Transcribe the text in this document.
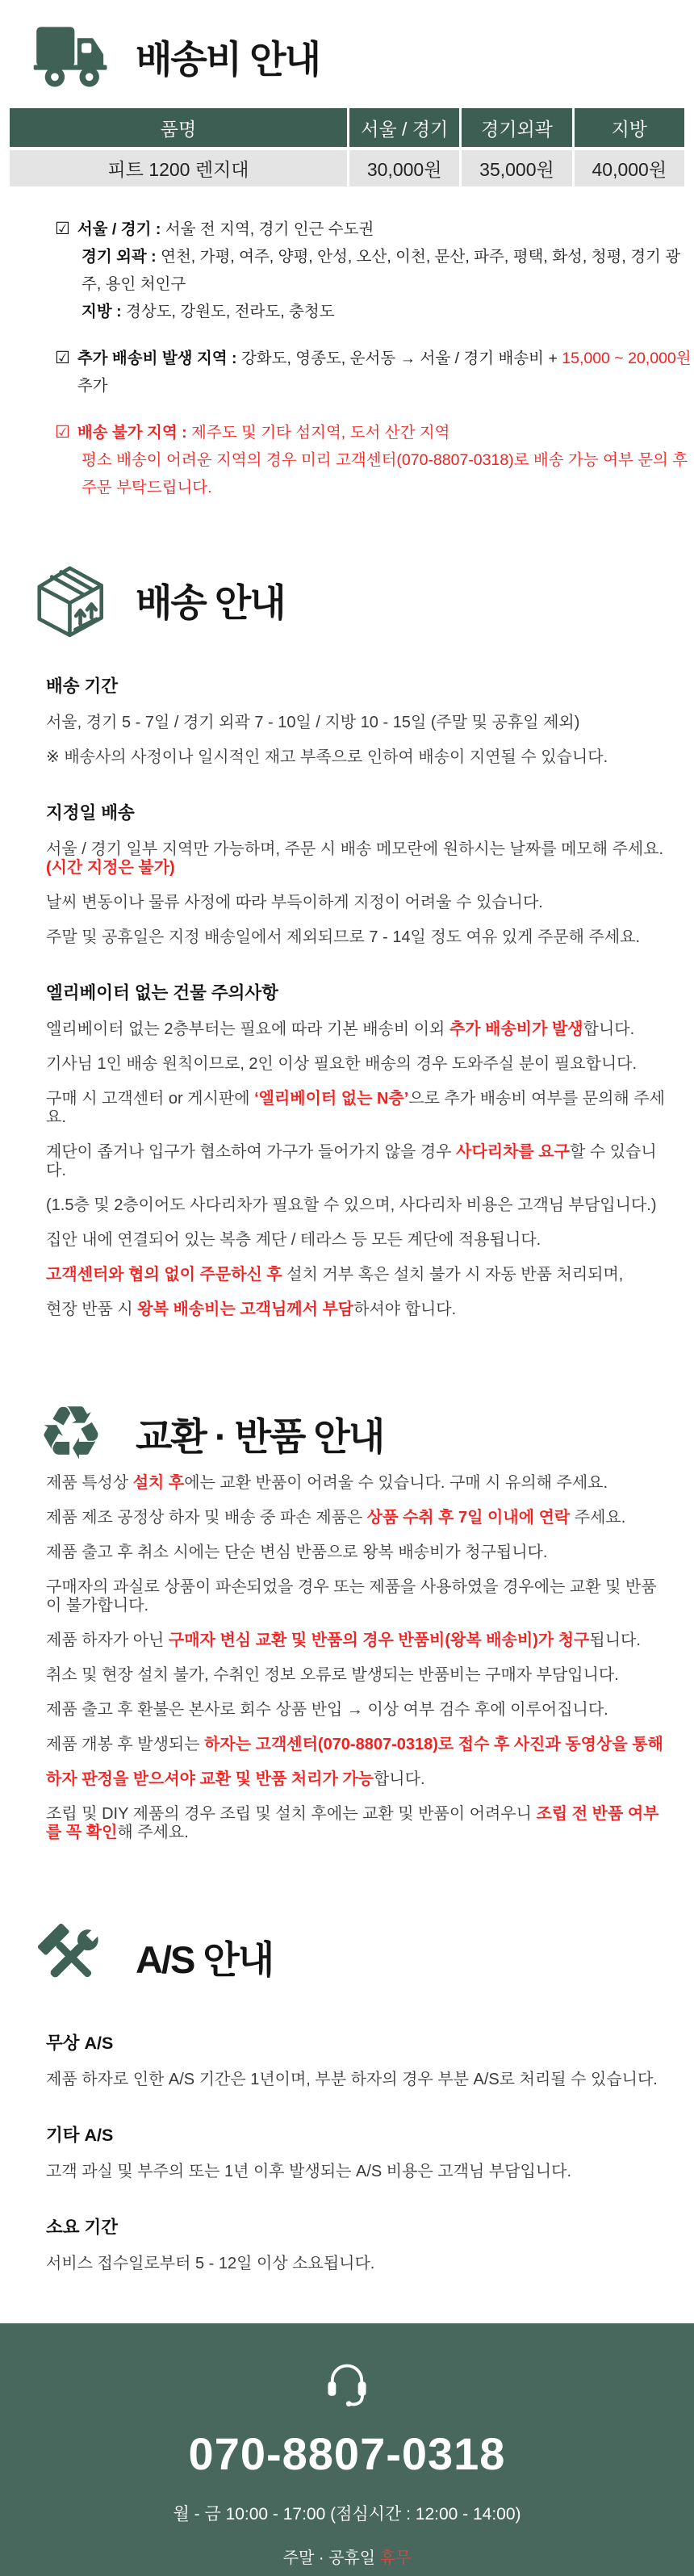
배송비 안내
품명	서울 / 경기	경기외곽	지방
피트 1200 렌지대	30,000원	35,000원	40,000원
☑ 서울 / 경기 : 서울 전 지역, 경기 인근 수도권
경기 외곽 : 연천, 가평, 여주, 양평, 안성, 오산, 이천, 문산, 파주, 평택, 화성, 청평, 경기 광주, 용인 처인구
지방 : 경상도, 강원도, 전라도, 충청도
☑ 추가 배송비 발생 지역 : 강화도, 영종도, 운서동 → 서울 / 경기 배송비 + 15,000 ~ 20,000원 추가
☑ 배송 불가 지역 : 제주도 및 기타 섬지역, 도서 산간 지역
평소 배송이 어려운 지역의 경우 미리 고객센터(070-8807-0318)로 배송 가능 여부 문의 후 주문 부탁드립니다.
배송 안내
배송 기간
서울, 경기 5 - 7일 / 경기 외곽 7 - 10일 / 지방 10 - 15일 (주말 및 공휴일 제외)
※ 배송사의 사정이나 일시적인 재고 부족으로 인하여 배송이 지연될 수 있습니다.
지정일 배송
서울 / 경기 일부 지역만 가능하며, 주문 시 배송 메모란에 원하시는 날짜를 메모해 주세요. (시간 지정은 불가)
날씨 변동이나 물류 사정에 따라 부득이하게 지정이 어려울 수 있습니다.
주말 및 공휴일은 지정 배송일에서 제외되므로 7 - 14일 정도 여유 있게 주문해 주세요.
엘리베이터 없는 건물 주의사항
엘리베이터 없는 2층부터는 필요에 따라 기본 배송비 이외 추가 배송비가 발생합니다.
기사님 1인 배송 원칙이므로, 2인 이상 필요한 배송의 경우 도와주실 분이 필요합니다.
구매 시 고객센터 or 게시판에 ‘엘리베이터 없는 N층’으로 추가 배송비 여부를 문의해 주세요.
계단이 좁거나 입구가 협소하여 가구가 들어가지 않을 경우 사다리차를 요구할 수 있습니다.
(1.5층 및 2층이어도 사다리차가 필요할 수 있으며, 사다리차 비용은 고객님 부담입니다.)
집안 내에 연결되어 있는 복층 계단 / 테라스 등 모든 계단에 적용됩니다.
고객센터와 협의 없이 주문하신 후 설치 거부 혹은 설치 불가 시 자동 반품 처리되며,
현장 반품 시 왕복 배송비는 고객님께서 부담하셔야 합니다.
♻ 교환 · 반품 안내
제품 특성상 설치 후에는 교환 반품이 어려울 수 있습니다. 구매 시 유의해 주세요.
제품 제조 공정상 하자 및 배송 중 파손 제품은 상품 수취 후 7일 이내에 연락 주세요.
제품 출고 후 취소 시에는 단순 변심 반품으로 왕복 배송비가 청구됩니다.
구매자의 과실로 상품이 파손되었을 경우 또는 제품을 사용하였을 경우에는 교환 및 반품이 불가합니다.
제품 하자가 아닌 구매자 변심 교환 및 반품의 경우 반품비(왕복 배송비)가 청구됩니다.
취소 및 현장 설치 불가, 수취인 정보 오류로 발생되는 반품비는 구매자 부담입니다.
제품 출고 후 환불은 본사로 회수 상품 반입 → 이상 여부 검수 후에 이루어집니다.
제품 개봉 후 발생되는 하자는 고객센터(070-8807-0318)로 접수 후 사진과 동영상을 통해
하자 판정을 받으셔야 교환 및 반품 처리가 가능합니다.
조립 및 DIY 제품의 경우 조립 및 설치 후에는 교환 및 반품이 어려우니 조립 전 반품 여부를 꼭 확인해 주세요.
A/S 안내
무상 A/S
제품 하자로 인한 A/S 기간은 1년이며, 부분 하자의 경우 부분 A/S로 처리될 수 있습니다.
기타 A/S
고객 과실 및 부주의 또는 1년 이후 발생되는 A/S 비용은 고객님 부담입니다.
소요 기간
서비스 접수일로부터 5 - 12일 이상 소요됩니다.
070-8807-0318
월 - 금 10:00 - 17:00 (점심시간 : 12:00 - 14:00)
주말 · 공휴일 휴무
